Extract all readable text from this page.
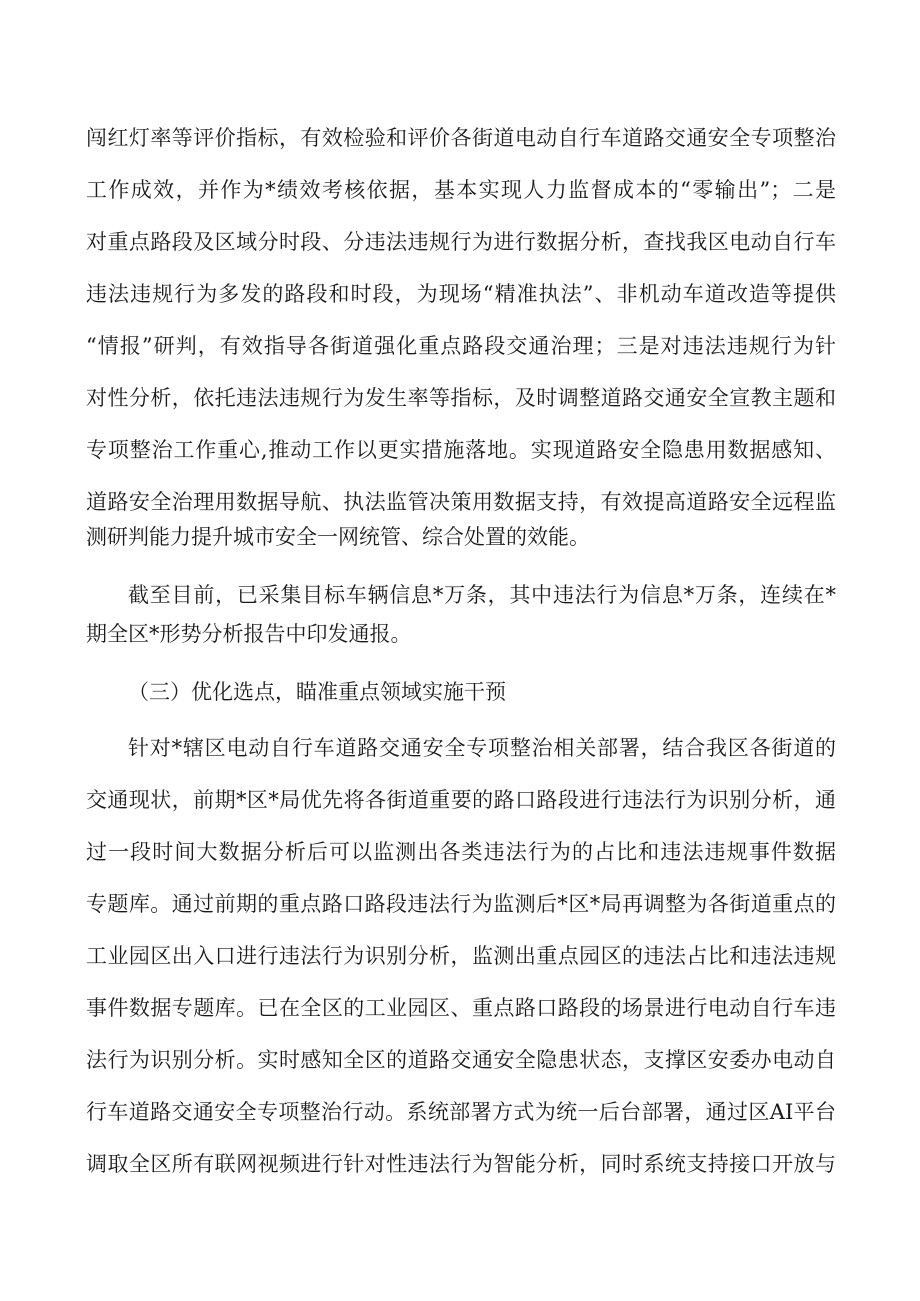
闯红灯率等评价指标，有效检验和评价各街道电动自行车道路交通安全专项整治
工作成效，并作为*绩效考核依据，基本实现人力监督成本的“零输出”；二是
对重点路段及区域分时段、分违法违规行为进行数据分析，查找我区电动自行车
违法违规行为多发的路段和时段，为现场“精准执法”、非机动车道改造等提供
“情报”研判，有效指导各街道强化重点路段交通治理；三是对违法违规行为针
对性分析，依托违法违规行为发生率等指标，及时调整道路交通安全宣教主题和
专项整治工作重心,推动工作以更实措施落地。实现道路安全隐患用数据感知、
道路安全治理用数据导航、执法监管决策用数据支持，有效提高道路安全远程监
测研判能力提升城市安全一网统管、综合处置的效能。
截至目前，已采集目标车辆信息*万条，其中违法行为信息*万条，连续在*
期全区*形势分析报告中印发通报。
（三）优化选点，瞄准重点领域实施干预
针对*辖区电动自行车道路交通安全专项整治相关部署，结合我区各街道的
交通现状，前期*区*局优先将各街道重要的路口路段进行违法行为识别分析，通
过一段时间大数据分析后可以监测出各类违法行为的占比和违法违规事件数据
专题库。通过前期的重点路口路段违法行为监测后*区*局再调整为各街道重点的
工业园区出入口进行违法行为识别分析，监测出重点园区的违法占比和违法违规
事件数据专题库。已在全区的工业园区、重点路口路段的场景进行电动自行车违
法行为识别分析。实时感知全区的道路交通安全隐患状态，支撑区安委办电动自
行车道路交通安全专项整治行动。系统部署方式为统一后台部署，通过区AI平台
调取全区所有联网视频进行针对性违法行为智能分析，同时系统支持接口开放与
